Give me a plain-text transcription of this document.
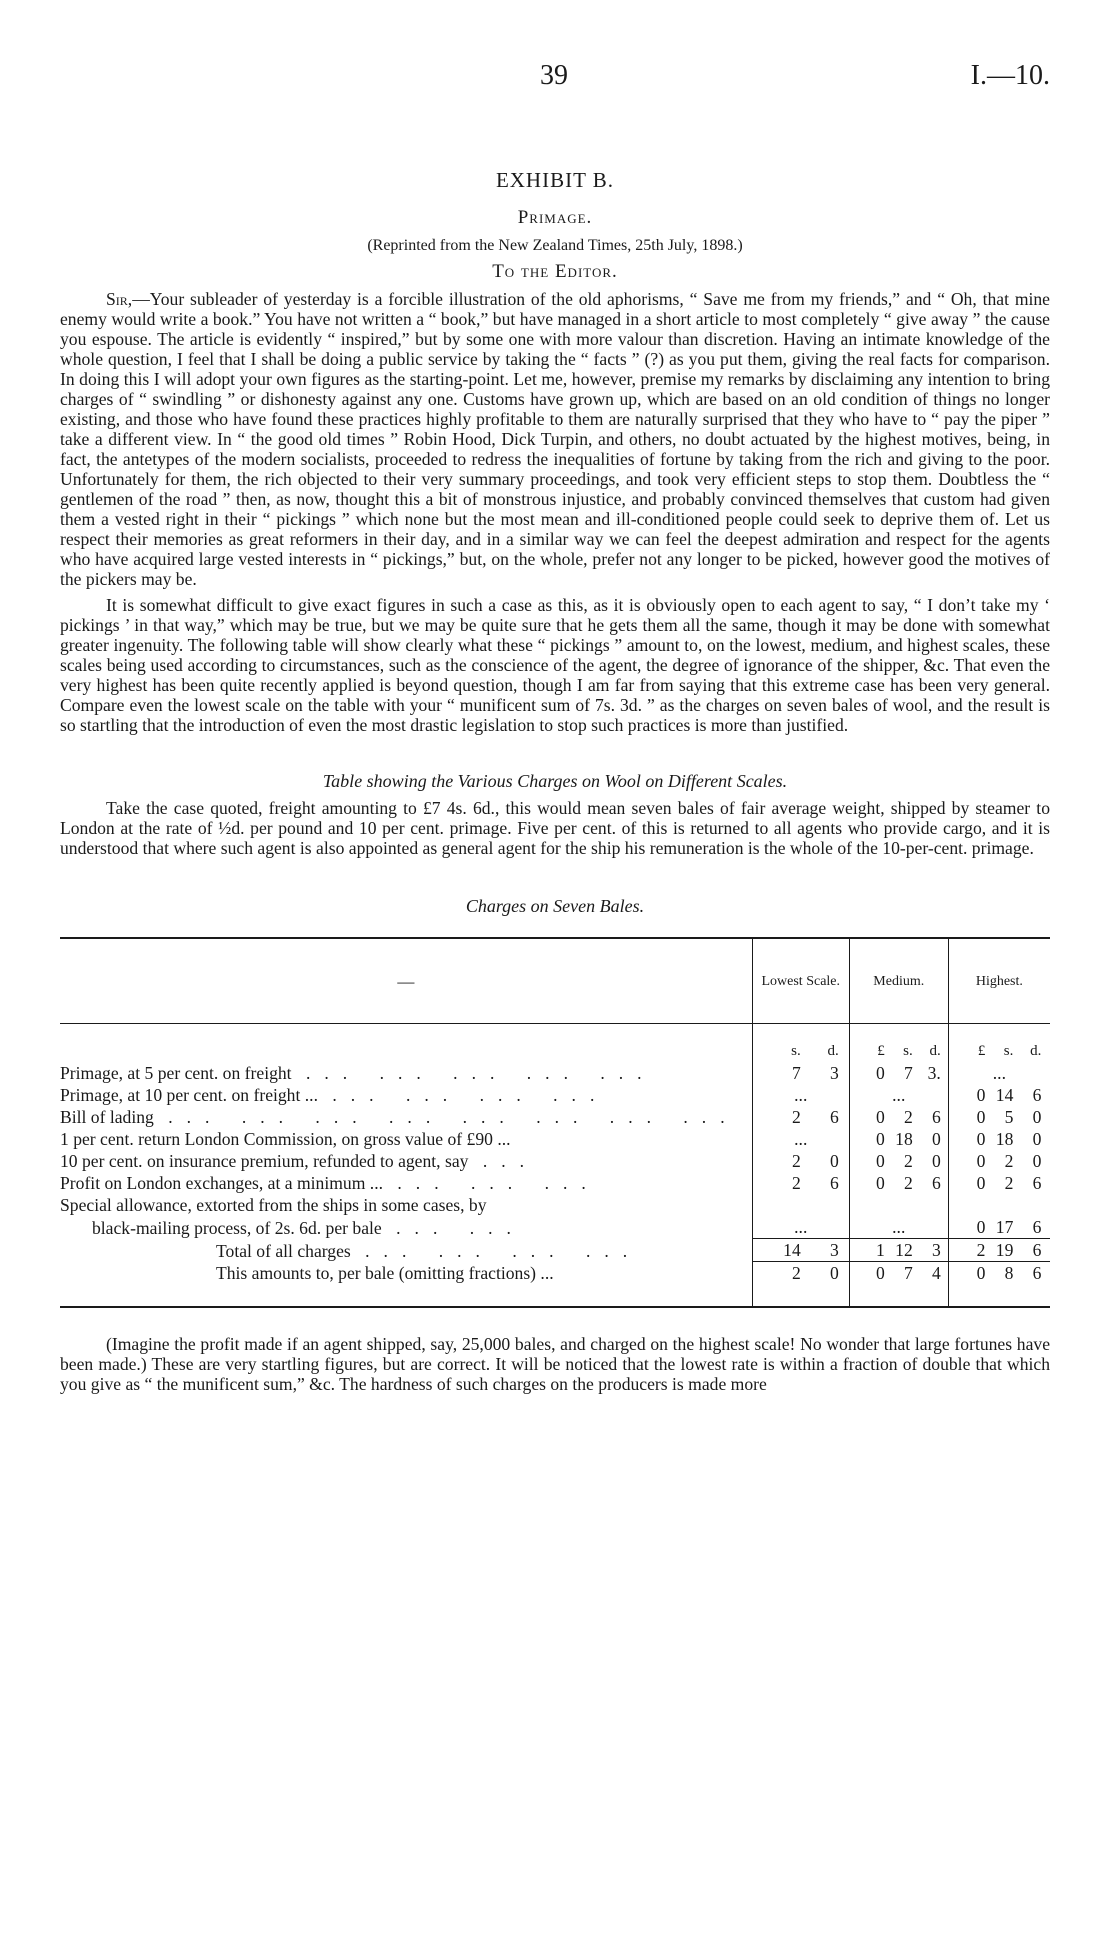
39	I.—10.
EXHIBIT B.
Primage.
(Reprinted from the New Zealand Times, 25th July, 1898.)
To the Editor.

Sir,—Your subleader of yesterday is a forcible illustration of the old aphorisms, “ Save me from my friends,” and “ Oh, that mine enemy would write a book.” You have not written a “ book,” but have managed in a short article to most completely “ give away ” the cause you espouse. The article is evidently “ inspired,” but by some one with more valour than discretion. Having an intimate knowledge of the whole question, I feel that I shall be doing a public service by taking the “ facts ” (?) as you put them, giving the real facts for comparison. In doing this I will adopt your own figures as the starting-point. Let me, however, premise my remarks by disclaiming any intention to bring charges of “ swindling ” or dishonesty against any one. Customs have grown up, which are based on an old condition of things no longer existing, and those who have found these practices highly profitable to them are naturally surprised that they who have to “ pay the piper ” take a different view. In “ the good old times ” Robin Hood, Dick Turpin, and others, no doubt actuated by the highest motives, being, in fact, the antetypes of the modern socialists, proceeded to redress the inequalities of fortune by taking from the rich and giving to the poor. Unfortunately for them, the rich objected to their very summary proceedings, and took very efficient steps to stop them. Doubtless the “ gentlemen of the road ” then, as now, thought this a bit of monstrous injustice, and probably convinced themselves that custom had given them a vested right in their “ pickings ” which none but the most mean and ill-conditioned people could seek to deprive them of. Let us respect their memories as great reformers in their day, and in a similar way we can feel the deepest admiration and respect for the agents who have acquired large vested interests in “ pickings,” but, on the whole, prefer not any longer to be picked, however good the motives of the pickers may be.

It is somewhat difficult to give exact figures in such a case as this, as it is obviously open to each agent to say, “ I don’t take my ‘ pickings ’ in that way,” which may be true, but we may be quite sure that he gets them all the same, though it may be done with somewhat greater ingenuity. The following table will show clearly what these “ pickings ” amount to, on the lowest, medium, and highest scales, these scales being used according to circumstances, such as the conscience of the agent, the degree of ignorance of the shipper, &c. That even the very highest has been quite recently applied is beyond question, though I am far from saying that this extreme case has been very general. Compare even the lowest scale on the table with your “ munificent sum of 7s. 3d. ” as the charges on seven bales of wool, and the result is so startling that the introduction of even the most drastic legislation to stop such practices is more than justified.

Table showing the Various Charges on Wool on Different Scales.

Take the case quoted, freight amounting to £7 4s. 6d., this would mean seven bales of fair average weight, shipped by steamer to London at the rate of ½d. per pound and 10 per cent. primage. Five per cent. of this is returned to all agents who provide cargo, and it is understood that where such agent is also appointed as general agent for the ship his remuneration is the whole of the 10-per-cent. primage.

Charges on Seven Bales.
—	Lowest Scale.	Medium.	Highest.
	s. d.	£ s. d.	£ s. d.
Primage, at 5 per cent. on freight ... ... ... ... ...	7 3	0 7 3.	...
Primage, at 10 per cent. on freight ... ... ... ... ...	...	...	0 14 6
Bill of lading ... ... ... ... ... ... ... ...	2 6	0 2 6	0 5 0
1 per cent. return London Commission, on gross value of £90 ...	...	0 18 0	0 18 0
10 per cent. on insurance premium, refunded to agent, say ...	2 0	0 2 0	0 2 0
Profit on London exchanges, at a minimum ... ... ... ...	2 6	0 2 6	0 2 6
Special allowance, extorted from the ships in some cases, by			
black-mailing process, of 2s. 6d. per bale ... ...	...	...	0 17 6
Total of all charges ... ... ... ...	14 3	1 12 3	2 19 6
This amounts to, per bale (omitting fractions) ...	2 0	0 7 4	0 8 6

(Imagine the profit made if an agent shipped, say, 25,000 bales, and charged on the highest scale! No wonder that large fortunes have been made.) These are very startling figures, but are correct. It will be noticed that the lowest rate is within a fraction of double that which you give as “ the munificent sum,” &c. The hardness of such charges on the producers is made more
